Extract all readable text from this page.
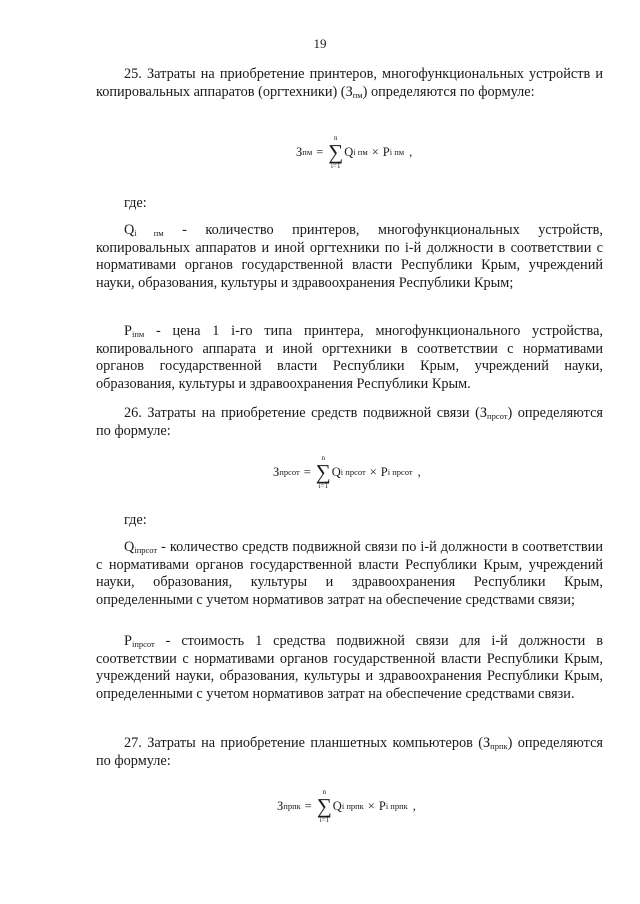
19

25. Затраты на приобретение принтеров, многофункциональных устройств и копировальных аппаратов (оргтехники) $(З_{пм})$ определяются по формуле:

З пм =
n
∑
i=1
Q i пм × P i пм ,

где:

$Q_{i пм}$ - количество принтеров, многофункциональных устройств, копировальных аппаратов и иной оргтехники по i-й должности в соответствии с нормативами органов государственной власти Республики Крым, учреждений науки, образования, культуры и здравоохранения Республики Крым;

$P_{iпм}$ - цена 1 i-го типа принтера, многофункционального устройства, копировального аппарата и иной оргтехники в соответствии с нормативами органов государственной власти Республики Крым, учреждений науки, образования, культуры и здравоохранения Республики Крым.

26. Затраты на приобретение средств подвижной связи $(З_{прсот})$ определяются по формуле:

З прсот =
n
∑
i=1
Q i прсот × P i прсот ,

где:

$Q_{iпрсот}$ - количество средств подвижной связи по i-й должности в соответствии с нормативами органов государственной власти Республики Крым, учреждений науки, образования, культуры и здравоохранения Республики Крым, определенными с учетом нормативов затрат на обеспечение средствами связи;

$P_{iпрсот}$ - стоимость 1 средства подвижной связи для i-й должности в соответствии с нормативами органов государственной власти Республики Крым, учреждений науки, образования, культуры и здравоохранения Республики Крым, определенными с учетом нормативов затрат на обеспечение средствами связи.

27. Затраты на приобретение планшетных компьютеров $(З_{прпк})$ определяются по формуле:

З прпк =
n
∑
i=1
Q i прпк × P i прпк ,
